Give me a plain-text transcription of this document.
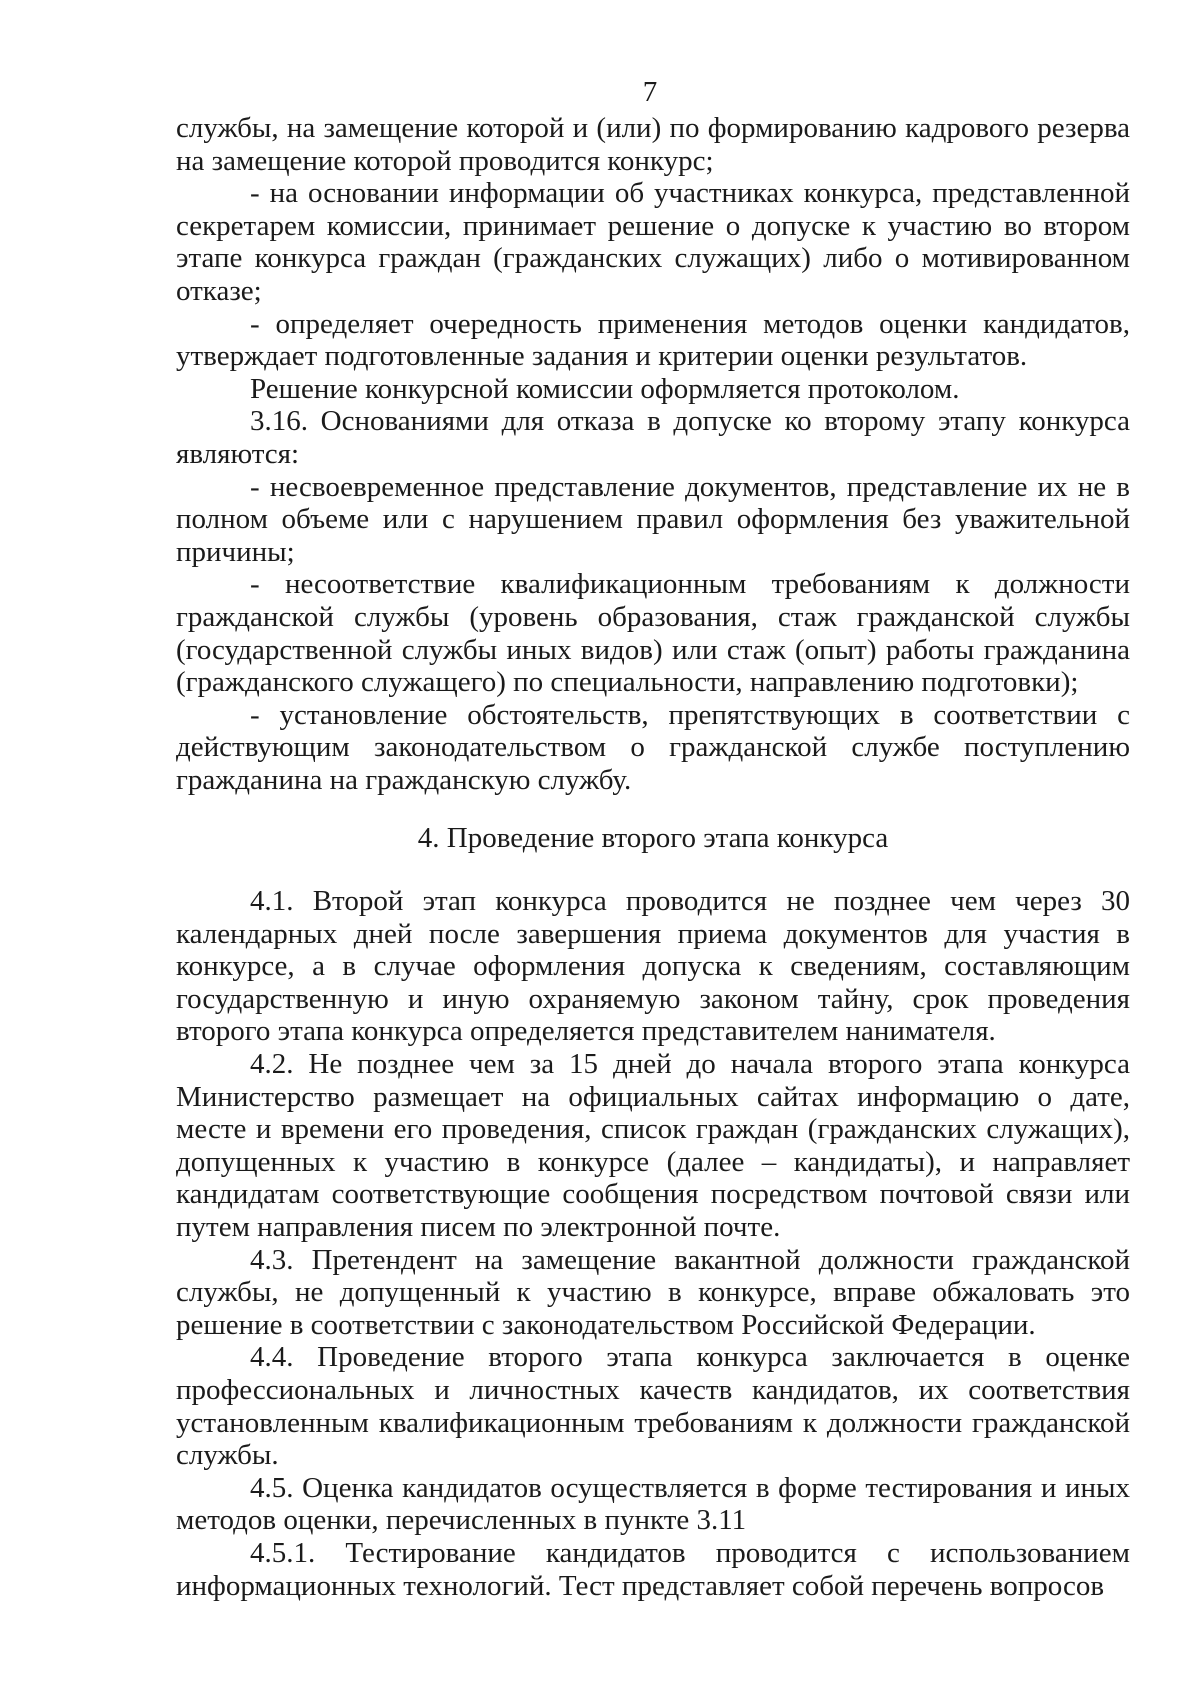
7

службы, на замещение которой и (или) по формированию кадрового резерва на замещение которой проводится конкурс;

- на основании информации об участниках конкурса, представленной секретарем комиссии, принимает решение о допуске к участию во втором этапе конкурса граждан (гражданских служащих) либо о мотивированном отказе;

- определяет очередность применения методов оценки кандидатов, утверждает подготовленные задания и критерии оценки результатов.

Решение конкурсной комиссии оформляется протоколом.

3.16. Основаниями для отказа в допуске ко второму этапу конкурса являются:

- несвоевременное представление документов, представление их не в полном объеме или с нарушением правил оформления без уважительной причины;

- несоответствие квалификационным требованиям к должности гражданской службы (уровень образования, стаж гражданской службы (государственной службы иных видов) или стаж (опыт) работы гражданина (гражданского служащего) по специальности, направлению подготовки);

- установление обстоятельств, препятствующих в соответствии с действующим законодательством о гражданской службе поступлению гражданина на гражданскую службу.

4. Проведение второго этапа конкурса

4.1. Второй этап конкурса проводится не позднее чем через 30 календарных дней после завершения приема документов для участия в конкурсе, а в случае оформления допуска к сведениям, составляющим государственную и иную охраняемую законом тайну, срок проведения второго этапа конкурса определяется представителем нанимателя.

4.2. Не позднее чем за 15 дней до начала второго этапа конкурса Министерство размещает на официальных сайтах информацию о дате, месте и времени его проведения, список граждан (гражданских служащих), допущенных к участию в конкурсе (далее – кандидаты), и направляет кандидатам соответствующие сообщения посредством почтовой связи или путем направления писем по электронной почте.

4.3. Претендент на замещение вакантной должности гражданской службы, не допущенный к участию в конкурсе, вправе обжаловать это решение в соответствии с законодательством Российской Федерации.

4.4. Проведение второго этапа конкурса заключается в оценке профессиональных и личностных качеств кандидатов, их соответствия установленным квалификационным требованиям к должности гражданской службы.

4.5. Оценка кандидатов осуществляется в форме тестирования и иных методов оценки, перечисленных в пункте 3.11

4.5.1. Тестирование кандидатов проводится с использованием информационных технологий. Тест представляет собой перечень вопросов
